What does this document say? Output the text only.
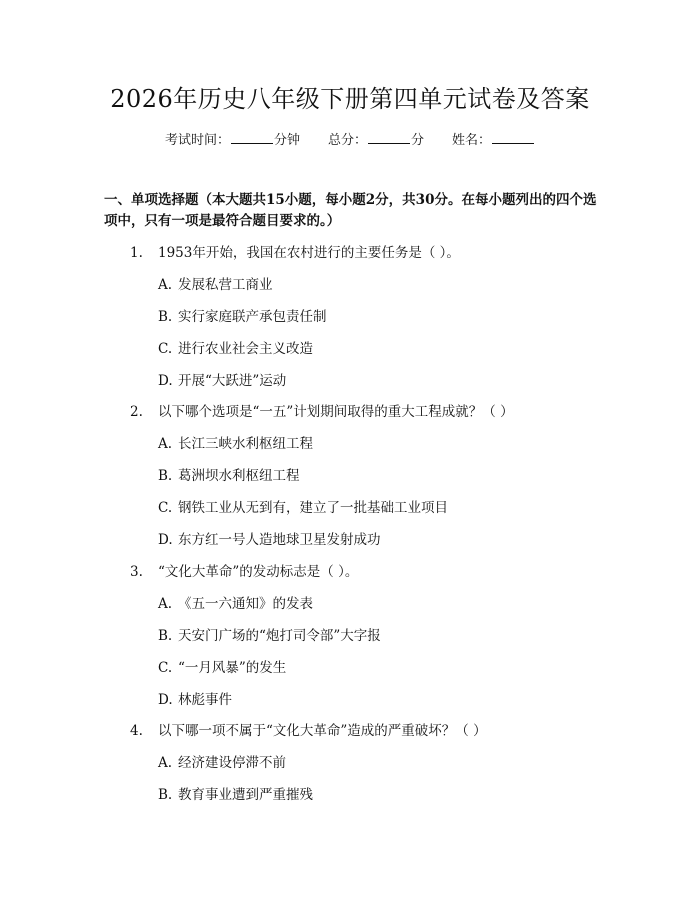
2026年历史八年级下册第四单元试卷及答案
考试时间：	分钟 总分：	分 姓名：
一、单项选择题（本大题共15小题，每小题2分，共30分。在每小题列出的四个选项中，只有一项是最符合题目要求的。）
1. 1953年开始，我国在农村进行的主要任务是（ ）。
A. 发展私营工商业
B. 实行家庭联产承包责任制
C. 进行农业社会主义改造
D. 开展“大跃进”运动
2. 以下哪个选项是“一五”计划期间取得的重大工程成就？（ ）
A. 长江三峡水利枢纽工程
B. 葛洲坝水利枢纽工程
C. 钢铁工业从无到有，建立了一批基础工业项目
D. 东方红一号人造地球卫星发射成功
3. “文化大革命”的发动标志是（ ）。
A. 《五一六通知》的发表
B. 天安门广场的“炮打司令部”大字报
C. “一月风暴”的发生
D. 林彪事件
4. 以下哪一项不属于“文化大革命”造成的严重破坏？（ ）
A. 经济建设停滞不前
B. 教育事业遭到严重摧残
